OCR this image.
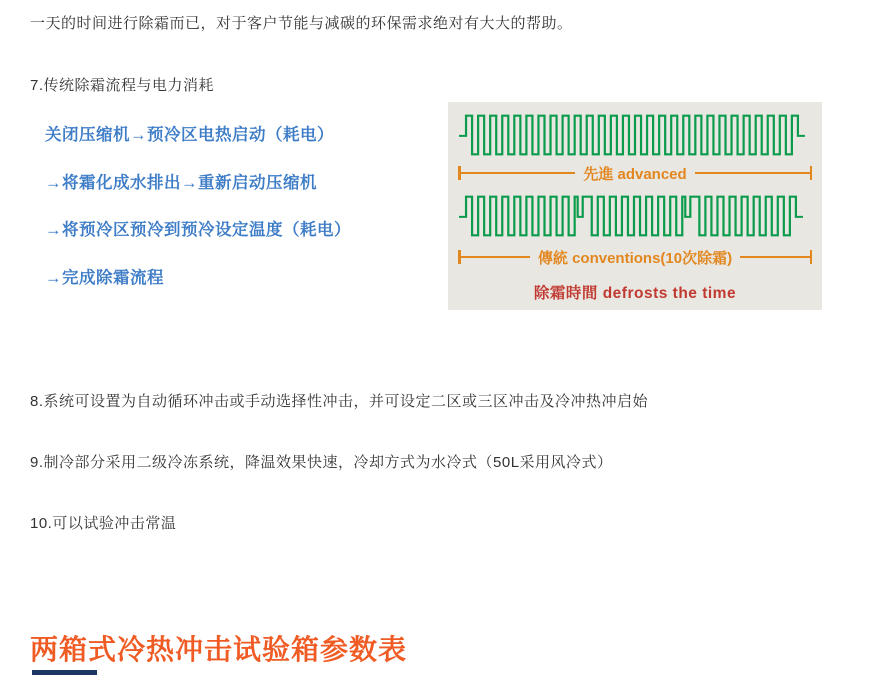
一天的时间进行除霜而已，对于客户节能与减碳的环保需求绝对有大大的帮助。

7.传统除霜流程与电力消耗

关闭压缩机→预冷区电热启动（耗电）

→将霜化成水排出→重新启动压缩机

→将预冷区预冷到预冷设定温度（耗电）

→完成除霜流程

先進 advanced
傳統 conventions(10次除霜)
除霜時間 defrosts the time

8.系统可设置为自动循环冲击或手动选择性冲击，并可设定二区或三区冲击及冷冲热冲启始

9.制冷部分采用二级冷冻系统，降温效果快速，冷却方式为水冷式（50L采用风冷式）

10.可以试验冲击常温

两箱式冷热冲击试验箱参数表
